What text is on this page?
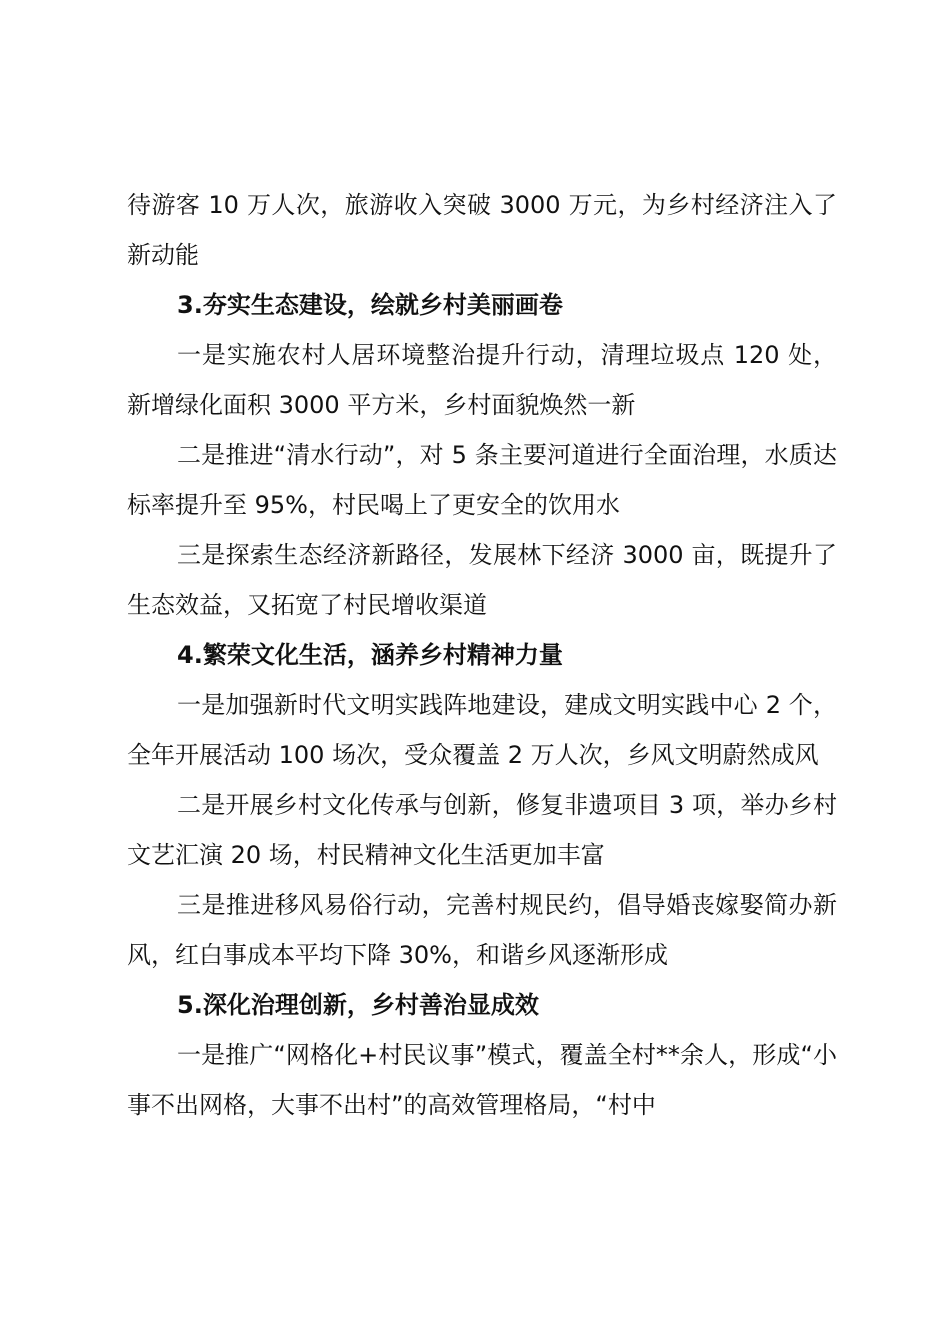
待游客 10 万人次，旅游收入突破 3000 万元，为乡村经济注入了新动能

3.夯实生态建设，绘就乡村美丽画卷

一是实施农村人居环境整治提升行动，清理垃圾点 120 处，新增绿化面积 3000 平方米，乡村面貌焕然一新

二是推进“清水行动”，对 5 条主要河道进行全面治理，水质达标率提升至 95%，村民喝上了更安全的饮用水

三是探索生态经济新路径，发展林下经济 3000 亩，既提升了生态效益，又拓宽了村民增收渠道

4.繁荣文化生活，涵养乡村精神力量

一是加强新时代文明实践阵地建设，建成文明实践中心 2 个，全年开展活动 100 场次，受众覆盖 2 万人次，乡风文明蔚然成风

二是开展乡村文化传承与创新，修复非遗项目 3 项，举办乡村文艺汇演 20 场，村民精神文化生活更加丰富

三是推进移风易俗行动，完善村规民约，倡导婚丧嫁娶简办新风，红白事成本平均下降 30%，和谐乡风逐渐形成

5.深化治理创新，乡村善治显成效

一是推广“网格化+村民议事”模式，覆盖全村**余人，形成“小事不出网格，大事不出村”的高效管理格局，“村中
